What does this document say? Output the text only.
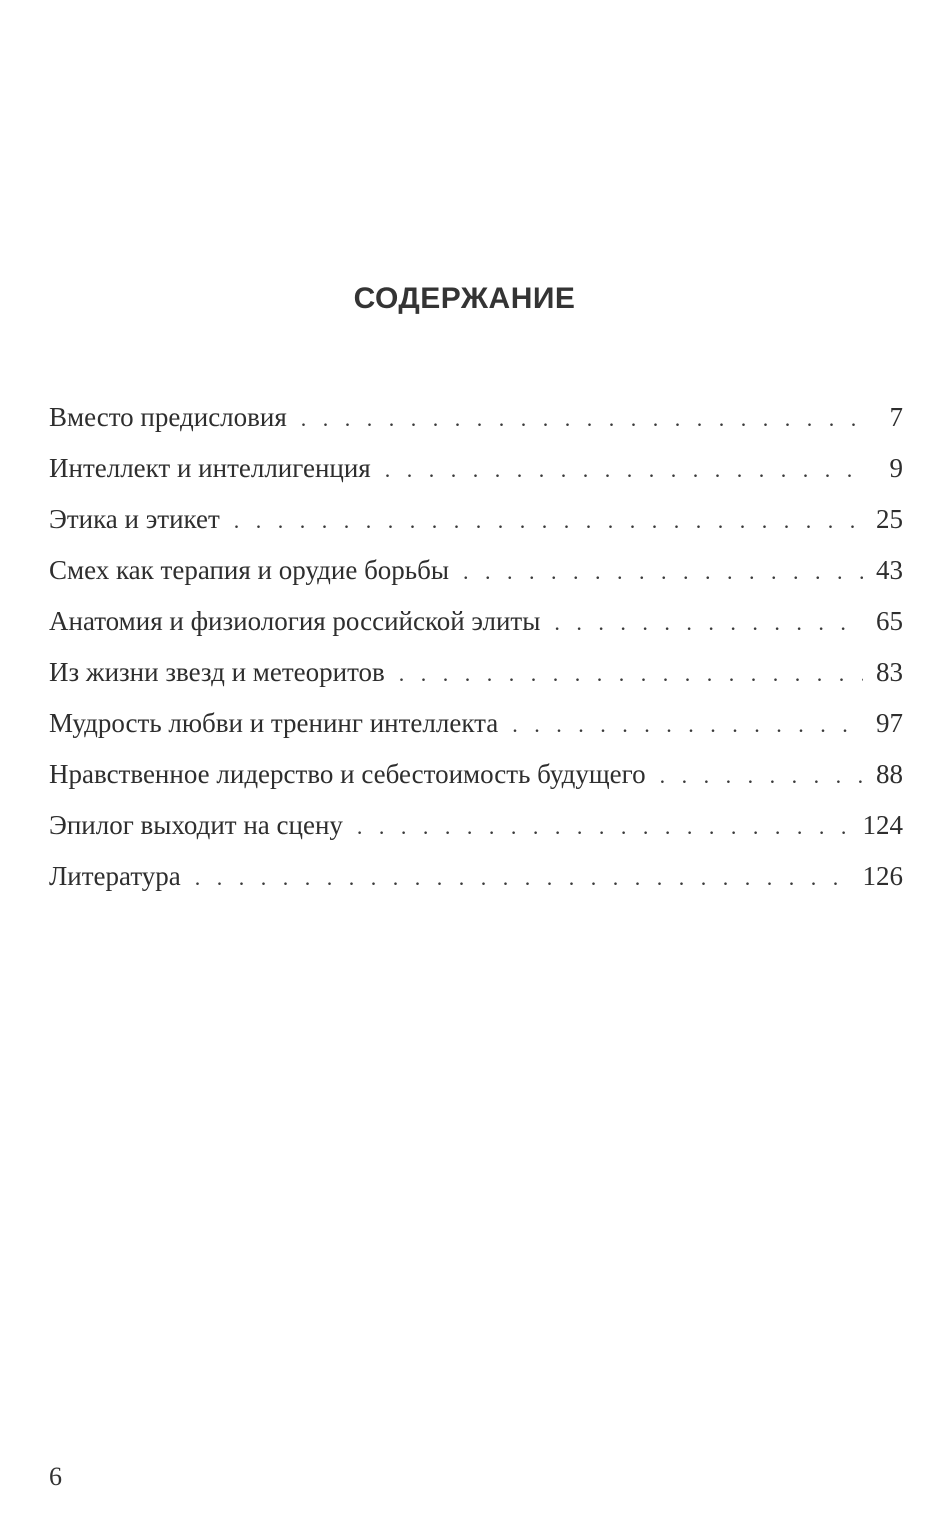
СОДЕРЖАНИЕ
Вместо предисловия . . .	7
Интеллект и интеллигенция . . .	9
Этика и этикет . . .	25
Смех как терапия и орудие борьбы . . .	43
Анатомия и физиология российской элиты . . .	65
Из жизни звезд и метеоритов . . .	83
Мудрость любви и тренинг интеллекта . . .	97
Нравственное лидерство и себестоимость будущего . . .	88
Эпилог выходит на сцену . . .	124
Литература . . .	126
6
